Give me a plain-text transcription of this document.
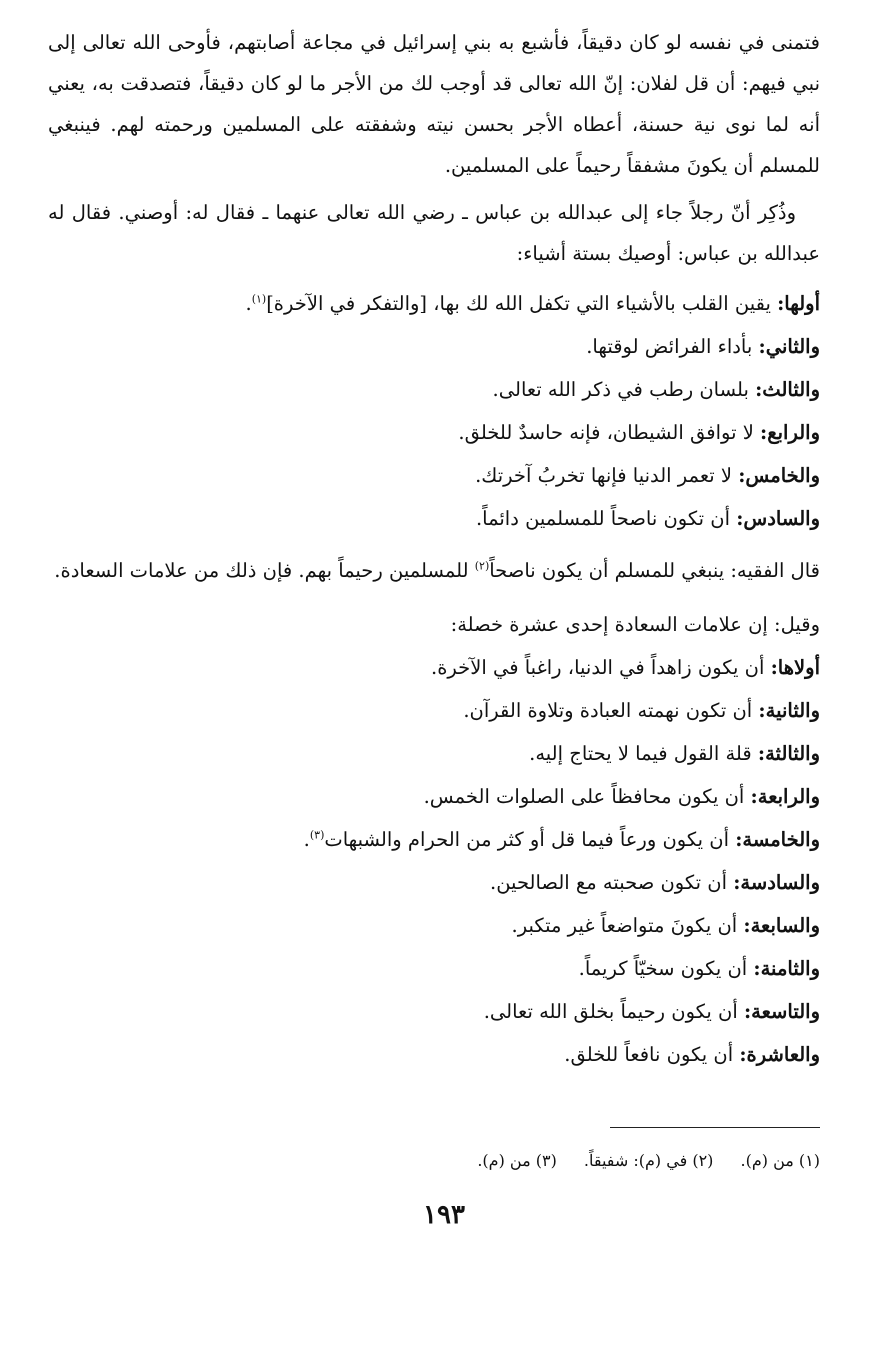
فتمنى في نفسه لو كان دقيقاً، فأشبع به بني إسرائيل في مجاعة أصابتهم، فأوحى الله تعالى إلى نبي فيهم: أن قل لفلان: إنّ الله تعالى قد أوجب لك من الأجر ما لو كان دقيقاً، فتصدقت به، يعني أنه لما نوى نية حسنة، أعطاه الأجر بحسن نيته وشفقته على المسلمين ورحمته لهم. فينبغي للمسلم أن يكونَ مشفقاً رحيماً على المسلمين.

وذُكِر أنّ رجلاً جاء إلى عبدالله بن عباس ـ رضي الله تعالى عنهما ـ فقال له: أوصني. فقال له عبدالله بن عباس: أوصيك بستة أشياء:

أولها: يقين القلب بالأشياء التي تكفل الله لك بها، [والتفكر في الآخرة]$^{(١)}$.
والثاني: بأداء الفرائض لوقتها.
والثالث: بلسان رطب في ذكر الله تعالى.
والرابع: لا توافق الشيطان، فإنه حاسدٌ للخلق.
والخامس: لا تعمر الدنيا فإنها تخربُ آخرتك.
والسادس: أن تكون ناصحاً للمسلمين دائماً.

قال الفقيه: ينبغي للمسلم أن يكون ناصحاً$^{(٢)}$ للمسلمين رحيماً بهم. فإن ذلك من علامات السعادة.

وقيل: إن علامات السعادة إحدى عشرة خصلة:
أولاها: أن يكون زاهداً في الدنيا، راغباً في الآخرة.
والثانية: أن تكون نهمته العبادة وتلاوة القرآن.
والثالثة: قلة القول فيما لا يحتاج إليه.
والرابعة: أن يكون محافظاً على الصلوات الخمس.
والخامسة: أن يكون ورعاً فيما قل أو كثر من الحرام والشبهات$^{(٣)}$.
والسادسة: أن تكون صحبته مع الصالحين.
والسابعة: أن يكونَ متواضعاً غير متكبر.
والثامنة: أن يكون سخيّاً كريماً.
والتاسعة: أن يكون رحيماً بخلق الله تعالى.
والعاشرة: أن يكون نافعاً للخلق.
(١) من (م). (٢) في (م): شفيقاً. (٣) من (م).
١٩٣
